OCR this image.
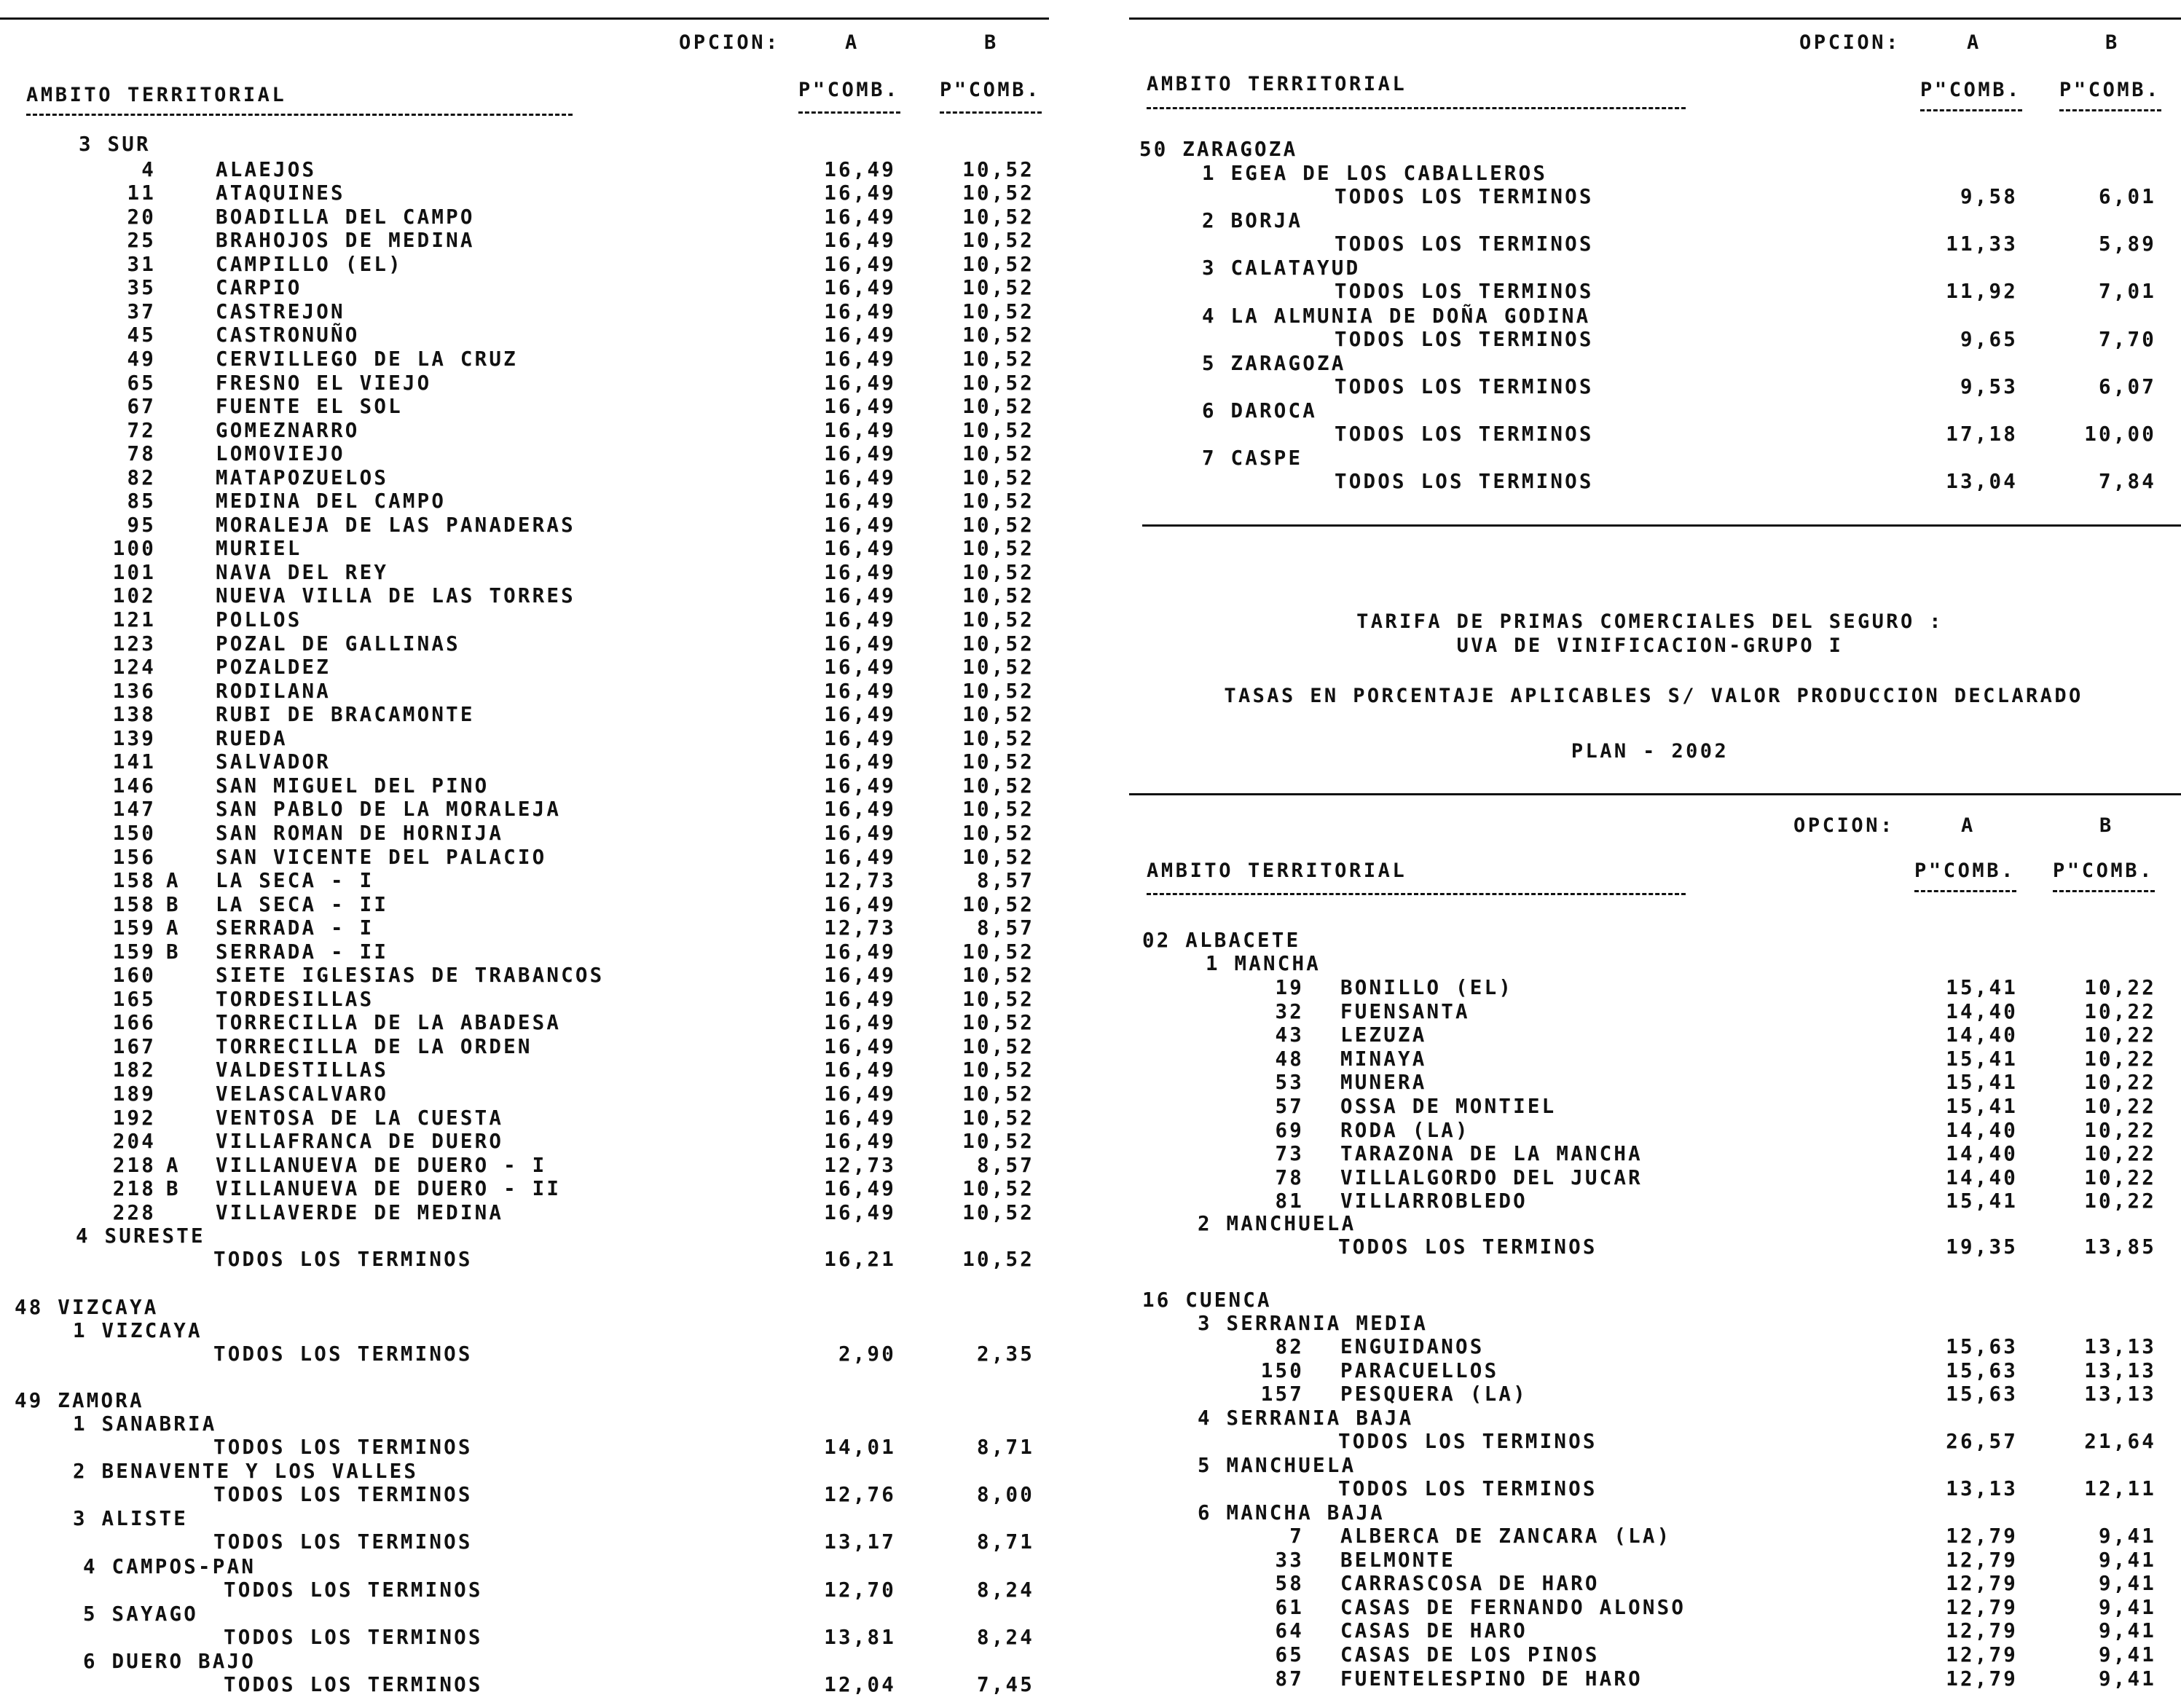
OPCION:	A	B
AMBITO TERRITORIAL	P"COMB. P"COMB.
3 SUR
4	ALAEJOS	16,49	10,52
11	ATAQUINES	16,49	10,52
20	BOADILLA DEL CAMPO	16,49	10,52
25	BRAHOJOS DE MEDINA	16,49	10,52
31	CAMPILLO (EL)	16,49	10,52
35	CARPIO	16,49	10,52
37	CASTREJON	16,49	10,52
45	CASTRONUÑO	16,49	10,52
49	CERVILLEGO DE LA CRUZ	16,49	10,52
65	FRESNO EL VIEJO	16,49	10,52
67	FUENTE EL SOL	16,49	10,52
72	GOMEZNARRO	16,49	10,52
78	LOMOVIEJO	16,49	10,52
82	MATAPOZUELOS	16,49	10,52
85	MEDINA DEL CAMPO	16,49	10,52
95	MORALEJA DE LAS PANADERAS	16,49	10,52
100	MURIEL	16,49	10,52
101	NAVA DEL REY	16,49	10,52
102	NUEVA VILLA DE LAS TORRES	16,49	10,52
121	POLLOS	16,49	10,52
123	POZAL DE GALLINAS	16,49	10,52
124	POZALDEZ	16,49	10,52
136	RODILANA	16,49	10,52
138	RUBI DE BRACAMONTE	16,49	10,52
139	RUEDA	16,49	10,52
141	SALVADOR	16,49	10,52
146	SAN MIGUEL DEL PINO	16,49	10,52
147	SAN PABLO DE LA MORALEJA	16,49	10,52
150	SAN ROMAN DE HORNIJA	16,49	10,52
156	SAN VICENTE DEL PALACIO	16,49	10,52
158 A LA SECA - I	12,73	8,57
158 B LA SECA - II	16,49	10,52
159 A SERRADA - I	12,73	8,57
159 B SERRADA - II	16,49	10,52
160	SIETE IGLESIAS DE TRABANCOS	16,49	10,52
165	TORDESILLAS	16,49	10,52
166	TORRECILLA DE LA ABADESA	16,49	10,52
167	TORRECILLA DE LA ORDEN	16,49	10,52
182	VALDESTILLAS	16,49	10,52
189	VELASCALVARO	16,49	10,52
192	VENTOSA DE LA CUESTA	16,49	10,52
204	VILLAFRANCA DE DUERO	16,49	10,52
218 A VILLANUEVA DE DUERO - I	12,73	8,57
218 B VILLANUEVA DE DUERO - II	16,49	10,52
228	VILLAVERDE DE MEDINA	16,49	10,52
4 SURESTE
TODOS LOS TERMINOS	16,21	10,52
48 VIZCAYA
1 VIZCAYA
TODOS LOS TERMINOS	2,90	2,35
49 ZAMORA
1 SANABRIA
TODOS LOS TERMINOS	14,01	8,71
2 BENAVENTE Y LOS VALLES
TODOS LOS TERMINOS	12,76	8,00
3 ALISTE
TODOS LOS TERMINOS	13,17	8,71
4 CAMPOS-PAN
TODOS LOS TERMINOS	12,70	8,24
5 SAYAGO
TODOS LOS TERMINOS	13,81	8,24
6 DUERO BAJO
TODOS LOS TERMINOS	12,04	7,45
OPCION:	A	B
AMBITO TERRITORIAL	P"COMB. P"COMB.
50 ZARAGOZA
1 EGEA DE LOS CABALLEROS
TODOS LOS TERMINOS	9,58	6,01
2 BORJA
TODOS LOS TERMINOS	11,33	5,89
3 CALATAYUD
TODOS LOS TERMINOS	11,92	7,01
4 LA ALMUNIA DE DOÑA GODINA
TODOS LOS TERMINOS	9,65	7,70
5 ZARAGOZA
TODOS LOS TERMINOS	9,53	6,07
6 DAROCA
TODOS LOS TERMINOS	17,18	10,00
7 CASPE
TODOS LOS TERMINOS	13,04	7,84
TARIFA DE PRIMAS COMERCIALES DEL SEGURO :
UVA DE VINIFICACION-GRUPO I
TASAS EN PORCENTAJE APLICABLES S/ VALOR PRODUCCION DECLARADO
PLAN - 2002
OPCION:	A	B
AMBITO TERRITORIAL	P"COMB. P"COMB.
02 ALBACETE
1 MANCHA
19 BONILLO (EL)	15,41	10,22
32 FUENSANTA	14,40	10,22
43 LEZUZA	14,40	10,22
48 MINAYA	15,41	10,22
53 MUNERA	15,41	10,22
57 OSSA DE MONTIEL	15,41	10,22
69 RODA (LA)	14,40	10,22
73 TARAZONA DE LA MANCHA	14,40	10,22
78 VILLALGORDO DEL JUCAR	14,40	10,22
81 VILLARROBLEDO	15,41	10,22
2 MANCHUELA
TODOS LOS TERMINOS	19,35	13,85
16 CUENCA
3 SERRANIA MEDIA
82 ENGUIDANOS	15,63	13,13
150 PARACUELLOS	15,63	13,13
157 PESQUERA (LA)	15,63	13,13
4 SERRANIA BAJA
TODOS LOS TERMINOS	26,57	21,64
5 MANCHUELA
TODOS LOS TERMINOS	13,13	12,11
6 MANCHA BAJA
7 ALBERCA DE ZANCARA (LA)	12,79	9,41
33 BELMONTE	12,79	9,41
58 CARRASCOSA DE HARO	12,79	9,41
61 CASAS DE FERNANDO ALONSO	12,79	9,41
64 CASAS DE HARO	12,79	9,41
65 CASAS DE LOS PINOS	12,79	9,41
87 FUENTELESPINO DE HARO	12,79	9,41
